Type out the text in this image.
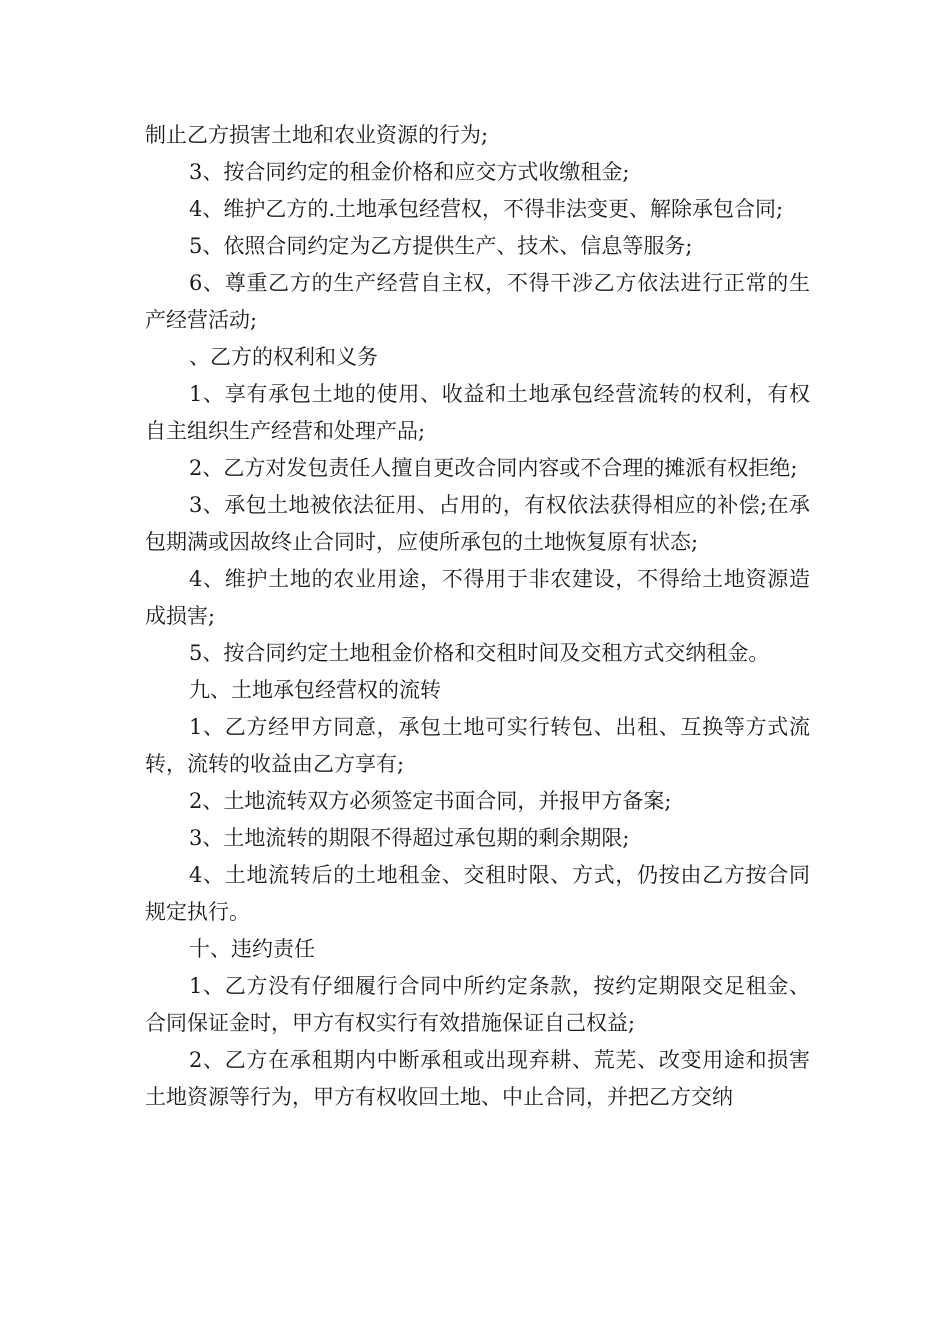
制止乙方损害土地和农业资源的行为;

3、按合同约定的租金价格和应交方式收缴租金;

4、维护乙方的.土地承包经营权，不得非法变更、解除承包合同;

5、依照合同约定为乙方提供生产、技术、信息等服务;

6、尊重乙方的生产经营自主权，不得干涉乙方依法进行正常的生产经营活动;

、乙方的权利和义务

1、享有承包土地的使用、收益和土地承包经营流转的权利，有权自主组织生产经营和处理产品;

2、乙方对发包责任人擅自更改合同内容或不合理的摊派有权拒绝;

3、承包土地被依法征用、占用的，有权依法获得相应的补偿;在承包期满或因故终止合同时，应使所承包的土地恢复原有状态;

4、维护土地的农业用途，不得用于非农建设，不得给土地资源造成损害;

5、按合同约定土地租金价格和交租时间及交租方式交纳租金。

九、土地承包经营权的流转

1、乙方经甲方同意，承包土地可实行转包、出租、互换等方式流转，流转的收益由乙方享有;

2、土地流转双方必须签定书面合同，并报甲方备案;

3、土地流转的期限不得超过承包期的剩余期限;

4、土地流转后的土地租金、交租时限、方式，仍按由乙方按合同规定执行。

十、违约责任

1、乙方没有仔细履行合同中所约定条款，按约定期限交足租金、合同保证金时，甲方有权实行有效措施保证自己权益;

2、乙方在承租期内中断承租或出现弃耕、荒芜、改变用途和损害土地资源等行为，甲方有权收回土地、中止合同，并把乙方交纳
